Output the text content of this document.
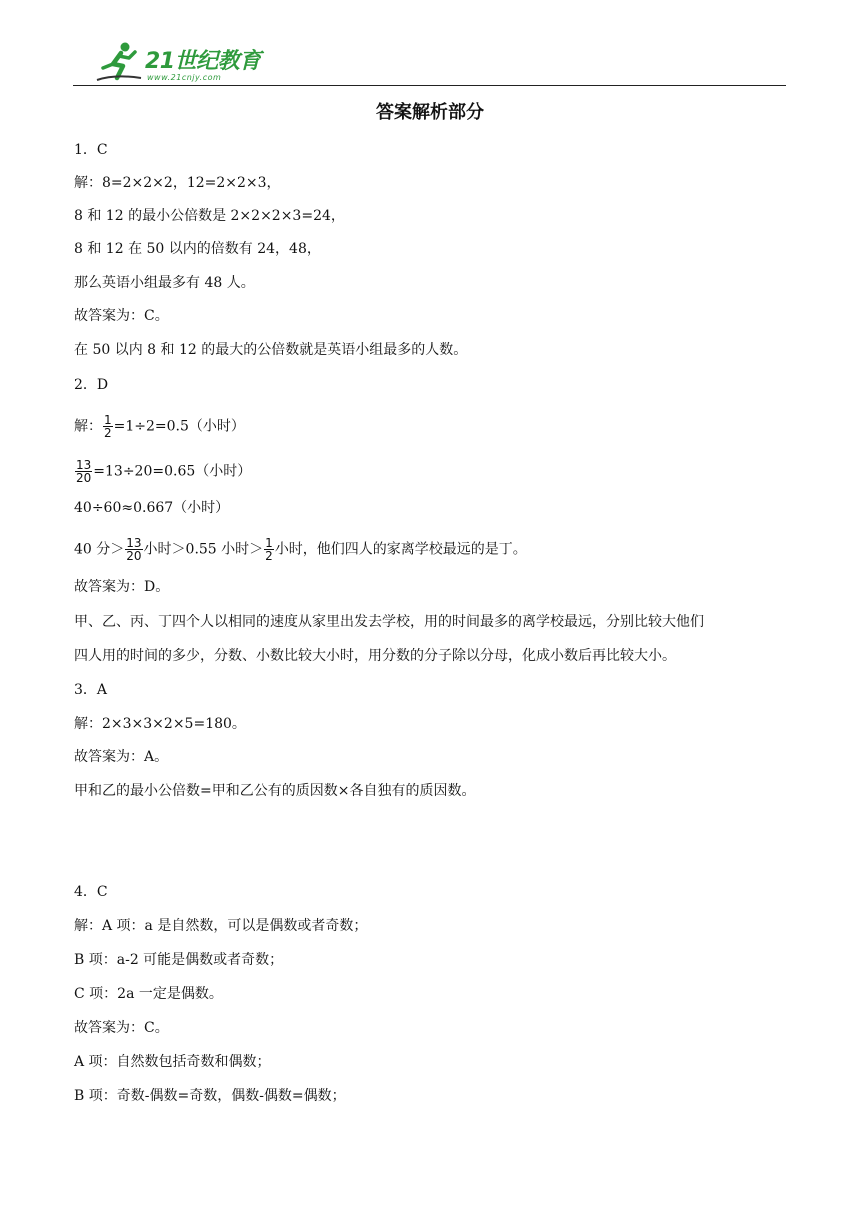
21世纪教育
www.21cnjy.com
答案解析部分
1．C
解：8=2×2×2，12=2×2×3，
8 和 12 的最小公倍数是 2×2×2×3=24，
8 和 12 在 50 以内的倍数有 24，48，
那么英语小组最多有 48 人。
故答案为：C。
在 50 以内 8 和 12 的最大的公倍数就是英语小组最多的人数。
2．D
解： $\frac{1}{2} =1\div 2=0.5$（小时）
$\frac{13}{20} =13\div 20=0.65$（小时）
40÷60≈0.667（小时）
40 分＞ $\frac{13}{20}$ 小时＞0.55 小时＞ $\frac{1}{2}$ 小时，他们四人的家离学校最远的是丁。
故答案为：D。
甲、乙、丙、丁四个人以相同的速度从家里出发去学校，用的时间最多的离学校最远，分别比较大他们
四人用的时间的多少，分数、小数比较大小时，用分数的分子除以分母，化成小数后再比较大小。
3．A
解：2×3×3×2×5=180。
故答案为：A。
甲和乙的最小公倍数=甲和乙公有的质因数×各自独有的质因数。
4．C
解：A 项：a 是自然数，可以是偶数或者奇数；
B 项：a-2 可能是偶数或者奇数；
C 项：2a 一定是偶数。
故答案为：C。
A 项：自然数包括奇数和偶数；
B 项：奇数-偶数=奇数，偶数-偶数=偶数；
